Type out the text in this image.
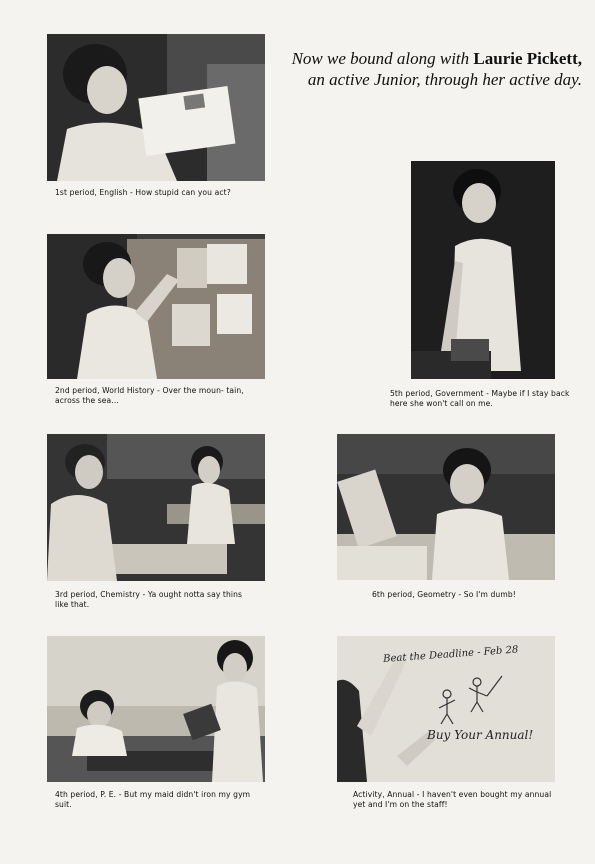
Now we bound along with Laurie Pickett,
an active Junior, through her active day.
1st period, English - How stupid can you act?
2nd period, World History - Over the moun- tain, across the sea...
3rd period, Chemistry - Ya ought notta say thins like that.
4th period, P. E. - But my maid didn't iron my gym suit.
5th period, Government - Maybe if I stay back here she won't call on me.
6th period, Geometry - So I'm dumb!
Beat the Deadline - Feb 28
Buy Your Annual!
Activity, Annual - I haven't even bought my annual yet and I'm on the staff!
